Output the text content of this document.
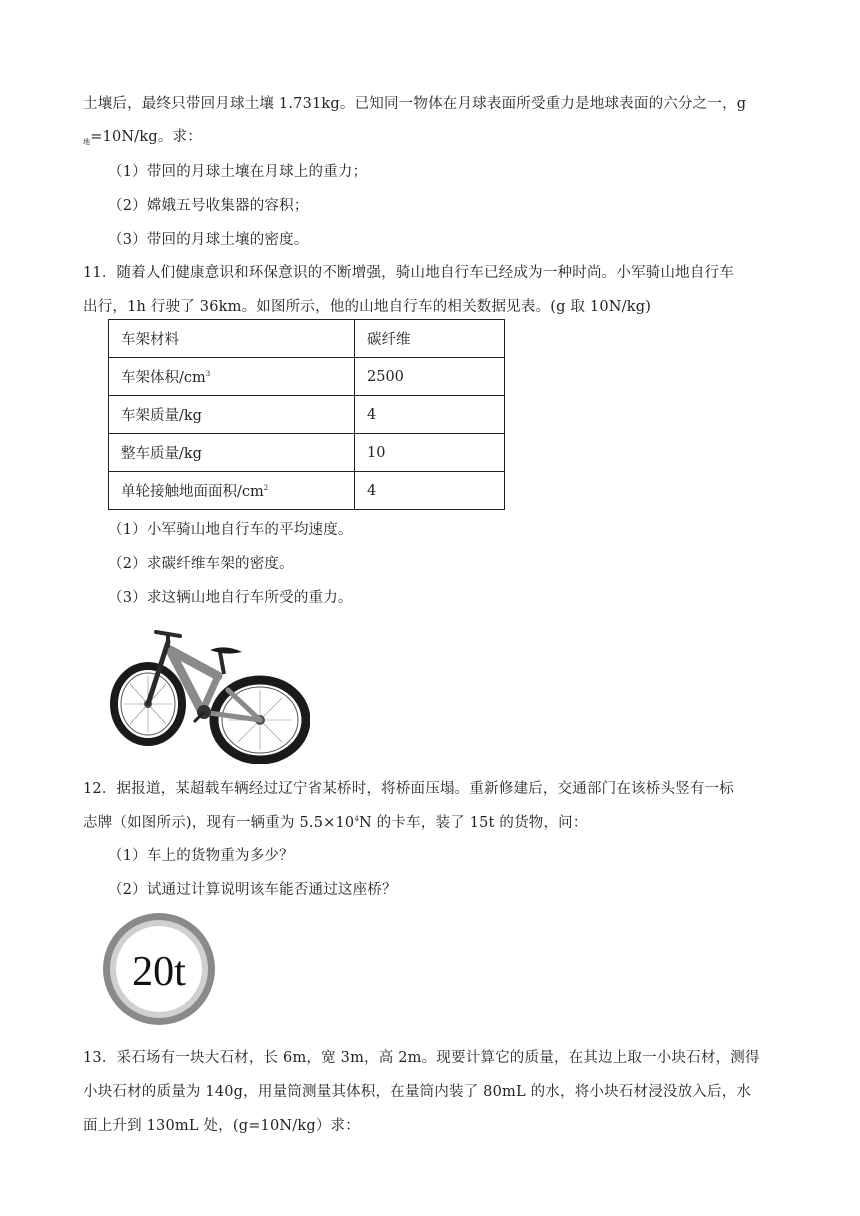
土壤后，最终只带回月球土壤 1.731kg。已知同一物体在月球表面所受重力是地球表面的六分之一，g
$_地$=10N/kg。求：
（1）带回的月球土壤在月球上的重力；
（2）嫦娥五号收集器的容积；
（3）带回的月球土壤的密度。
11．随着人们健康意识和环保意识的不断增强，骑山地自行车已经成为一种时尚。小军骑山地自行车
出行，1h 行驶了 36km。如图所示，他的山地自行车的相关数据见表。(g 取 10N/kg)
车架材料	碳纤维
车架体积$/cm^3$	2500
车架质量/kg	4
整车质量/kg	10
单轮接触地面面积$/cm^2$	4
（1）小军骑山地自行车的平均速度。
（2）求碳纤维车架的密度。
（3）求这辆山地自行车所受的重力。
12．据报道，某超载车辆经过辽宁省某桥时，将桥面压塌。重新修建后，交通部门在该桥头竖有一标
志牌（如图所示)，现有一辆重为 $5.5\times 10^4N$ 的卡车，装了 15t 的货物，问：
（1）车上的货物重为多少？
（2）试通过计算说明该车能否通过这座桥？
20t
13．采石场有一块大石材，长 6m，宽 3m，高 2m。现要计算它的质量，在其边上取一小块石材，测得
小块石材的质量为 140g，用量筒测量其体积，在量筒内装了 80mL 的水，将小块石材浸没放入后，水
面上升到 130mL 处，(g=10N/kg）求：
